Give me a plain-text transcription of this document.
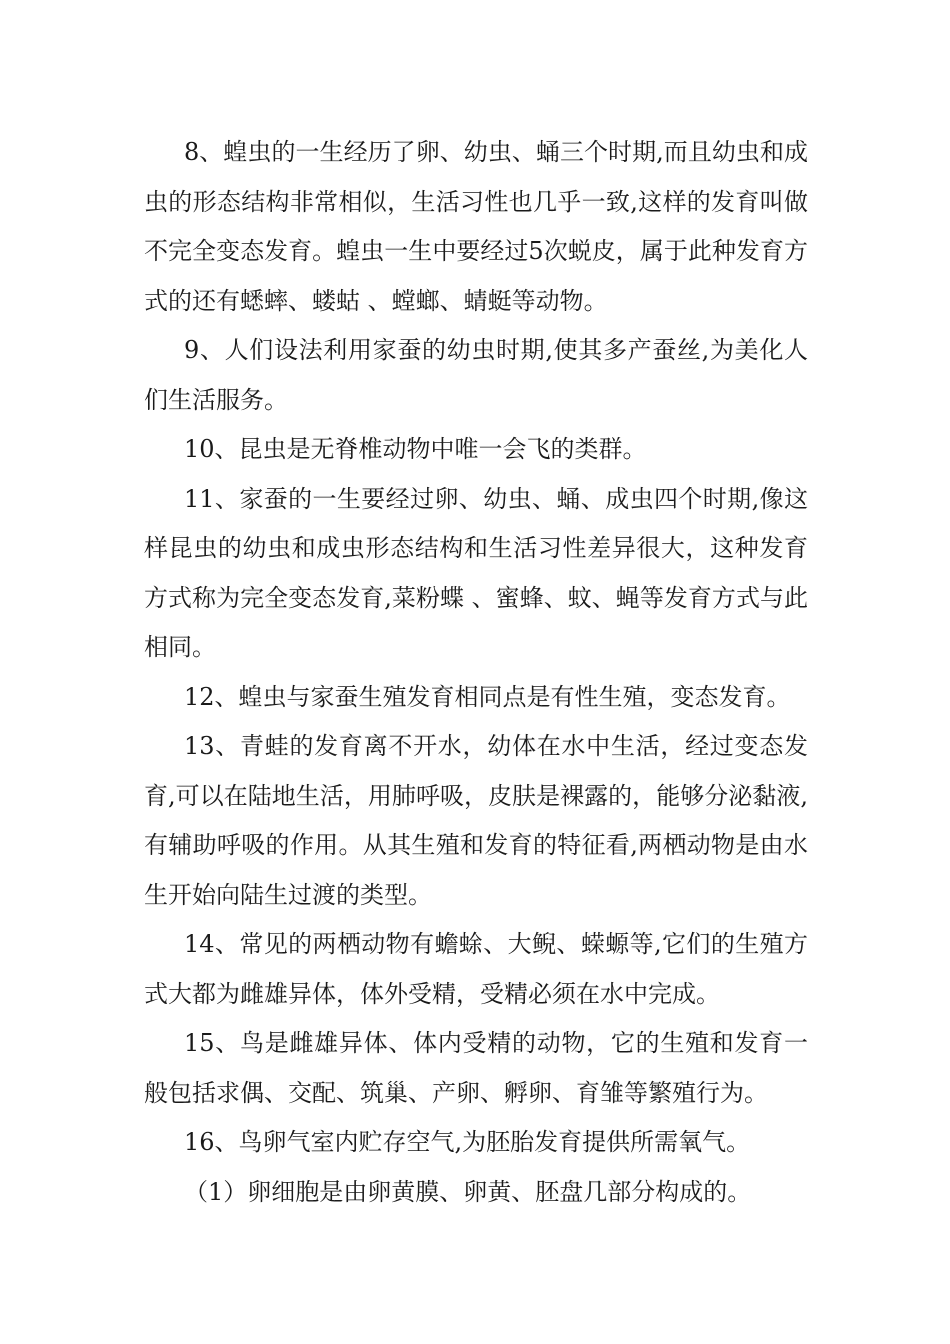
8、蝗虫的一生经历了卵、幼虫、蛹三个时期,而且幼虫和成虫的形态结构非常相似，生活习性也几乎一致,这样的发育叫做不完全变态发育。蝗虫一生中要经过5次蜕皮，属于此种发育方式的还有蟋蟀、蝼蛄 、螳螂、蜻蜓等动物。

9、人们设法利用家蚕的幼虫时期,使其多产蚕丝,为美化人们生活服务。

10、昆虫是无脊椎动物中唯一会飞的类群。

11、家蚕的一生要经过卵、幼虫、蛹、成虫四个时期,像这样昆虫的幼虫和成虫形态结构和生活习性差异很大，这种发育方式称为完全变态发育,菜粉蝶 、蜜蜂、蚊、蝇等发育方式与此相同。

12、蝗虫与家蚕生殖发育相同点是有性生殖，变态发育。

13、青蛙的发育离不开水，幼体在水中生活，经过变态发育,可以在陆地生活，用肺呼吸，皮肤是裸露的，能够分泌黏液,有辅助呼吸的作用。从其生殖和发育的特征看,两栖动物是由水生开始向陆生过渡的类型。

14、常见的两栖动物有蟾蜍、大鲵、蝾螈等,它们的生殖方式大都为雌雄异体，体外受精，受精必须在水中完成。

15、鸟是雌雄异体、体内受精的动物，它的生殖和发育一般包括求偶、交配、筑巢、产卵、孵卵、育雏等繁殖行为。

16、鸟卵气室内贮存空气,为胚胎发育提供所需氧气。

（1）卵细胞是由卵黄膜、卵黄、胚盘几部分构成的。
